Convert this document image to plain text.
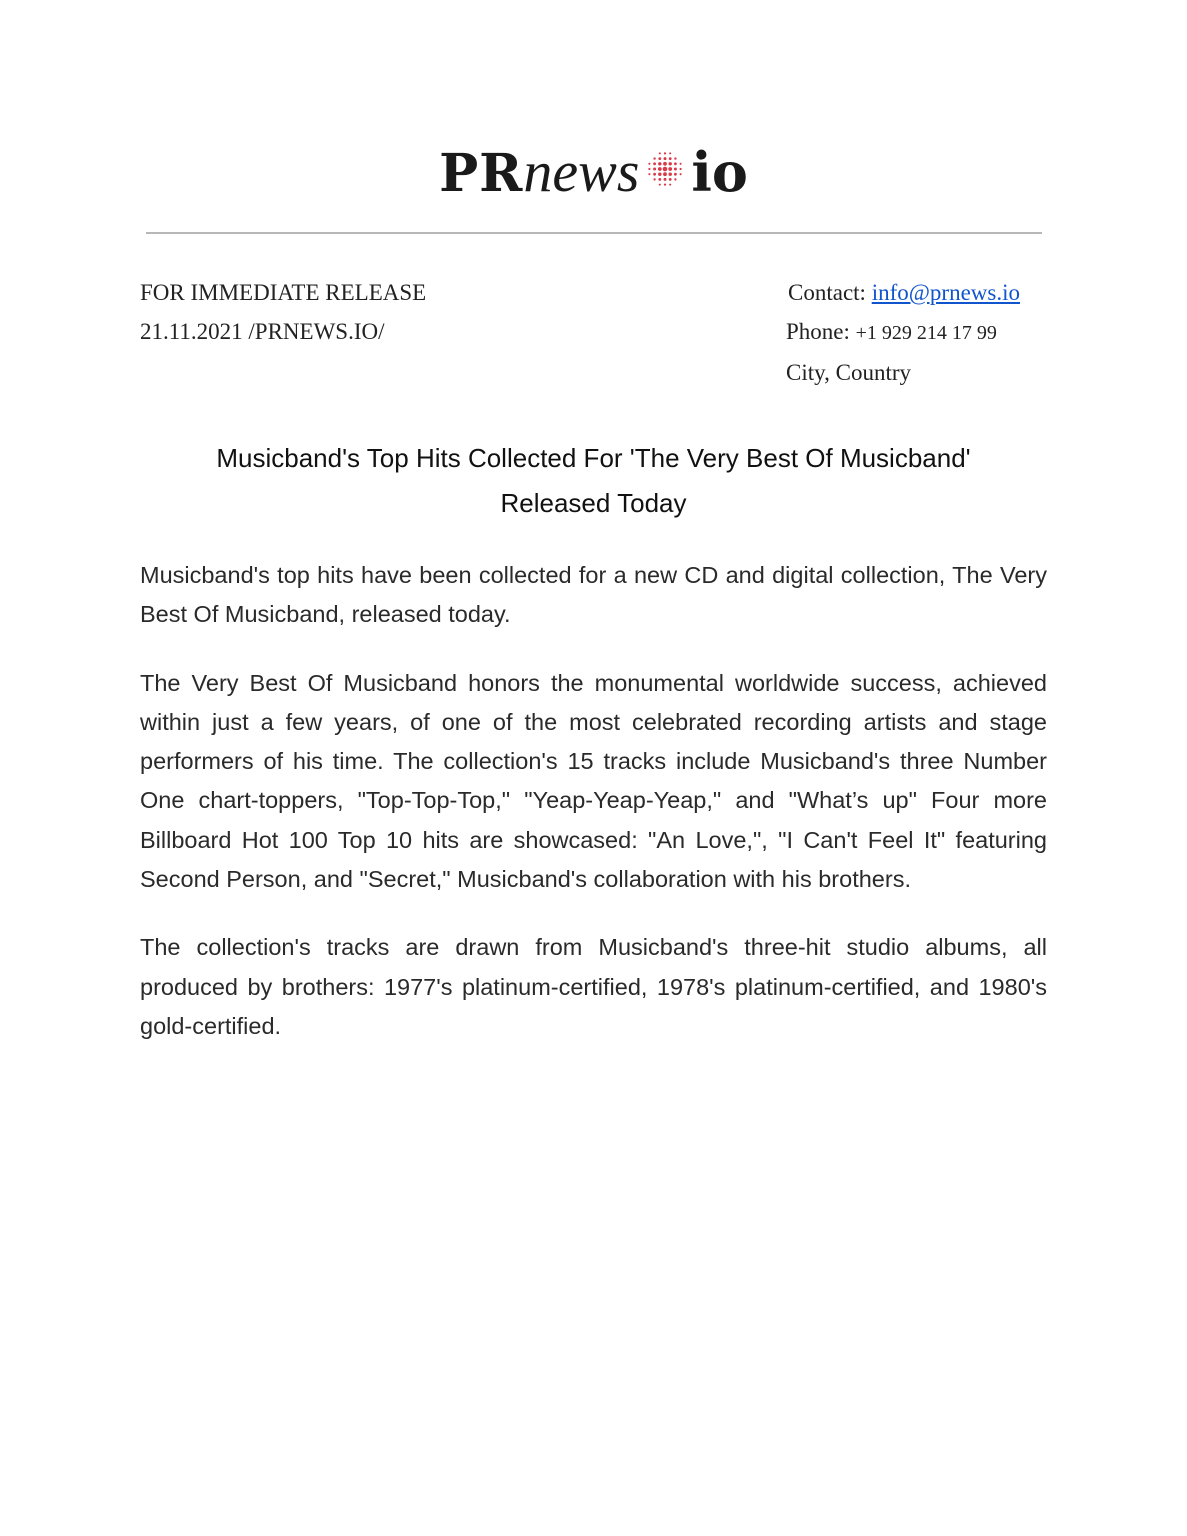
PRnews io
FOR IMMEDIATE RELEASE
21.11.2021 /PRNEWS.IO/
Contact: info@prnews.io
Phone: +1 929 214 17 99
City, Country
Musicband's Top Hits Collected For 'The Very Best Of Musicband'
Released Today

Musicband's top hits have been collected for a new CD and digital collection, The Very Best Of Musicband, released today.

The Very Best Of Musicband honors the monumental worldwide success, achieved within just a few years, of one of the most celebrated recording artists and stage performers of his time. The collection's 15 tracks include Musicband's three Number One chart-toppers, "Top-Top-Top," "Yeap-Yeap-Yeap," and "What’s up" Four more Billboard Hot 100 Top 10 hits are showcased: "An Love,", "I Can't Feel It" featuring Second Person, and "Secret," Musicband's collaboration with his brothers.

The collection's tracks are drawn from Musicband's three-hit studio albums, all produced by brothers: 1977's platinum-certified, 1978's platinum-certified, and 1980's gold-certified.
